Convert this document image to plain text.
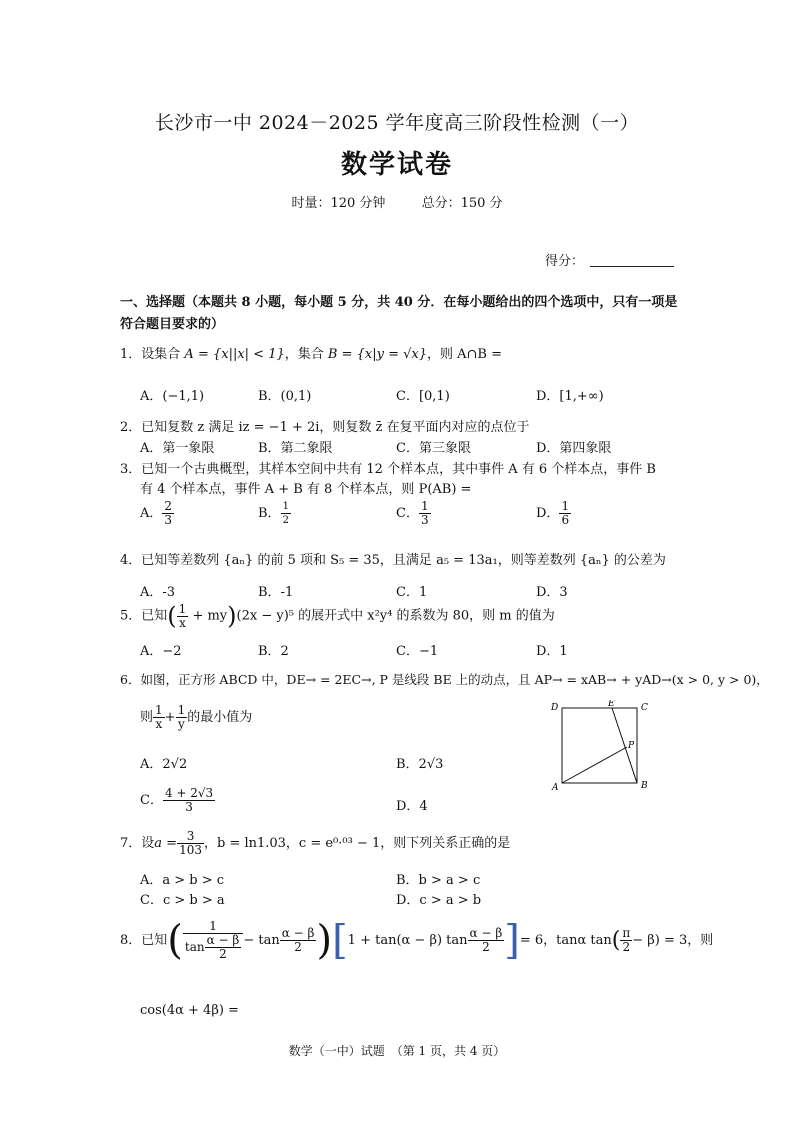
长沙市一中 2024－2025 学年度高三阶段性检测（一）
数学试卷
时量：120 分钟	总分：150 分
得分：
一、选择题（本题共 8 小题，每小题 5 分，共 40 分．在每小题给出的四个选项中，只有一项是符合题目要求的）
1．设集合 A = {x||x| < 1}，集合 B = {x|y = √x}，则 A∩B =
A．(−1,1)	B．(0,1)	C．[0,1)	D．[1,+∞)
2．已知复数 z 满足 iz = −1 + 2i，则复数 z̄ 在复平面内对应的点位于
A．第一象限	B．第二象限	C．第三象限	D．第四象限
3．已知一个古典概型，其样本空间中共有 12 个样本点，其中事件 A 有 6 个样本点，事件 B
有 4 个样本点，事件 A + B 有 8 个样本点，则 P(AB) =
A． $\frac{2}{3}$	B． $\frac{1}{2}$	C． $\frac{1}{3}$	D． $\frac{1}{6}$
4．已知等差数列 {aₙ} 的前 5 项和 S₅ = 35，且满足 a₅ = 13a₁，则等差数列 {aₙ} 的公差为
A．-3	B．-1	C．1	D．3
5．已知( $\frac{1}{x} + my)(2x - y)^5$ 的展开式中 x²y⁴ 的系数为 80，则 m 的值为
A．−2	B．2	C．−1	D．1
6．如图，正方形 ABCD 中，DE→ = 2EC→, P 是线段 BE 上的动点，且 AP→ = xAB→ + yAD→(x > 0, y > 0)，
则 $\frac{1}{x} + \frac{1}{y}$ 的最小值为
A．2√2	B．2√3
C． $\frac{4 + 2√3}{3}$	D．4
D	E	C
P
A	B
7．设$a = \frac{3}{103}$ ，b = ln1.03，c = e⁰·⁰³ − 1，则下列关系正确的是
A．a > b > c	B．b > a > c
C．c > b > a	D．c > a > b
8．已知( $\frac{1}{\tan \frac{\alpha - \beta}{2}} - \tan \frac{\alpha - \beta}{2} )[1 + \tan(\alpha - \beta)$ $\tan \frac{\alpha - \beta}{2}$ ]= 6，tanα $\tan( \frac{\pi}{2} - \beta) = 3$，则
cos(4α + 4β) =
数学（一中）试题　（第 1 页，共 4 页）
